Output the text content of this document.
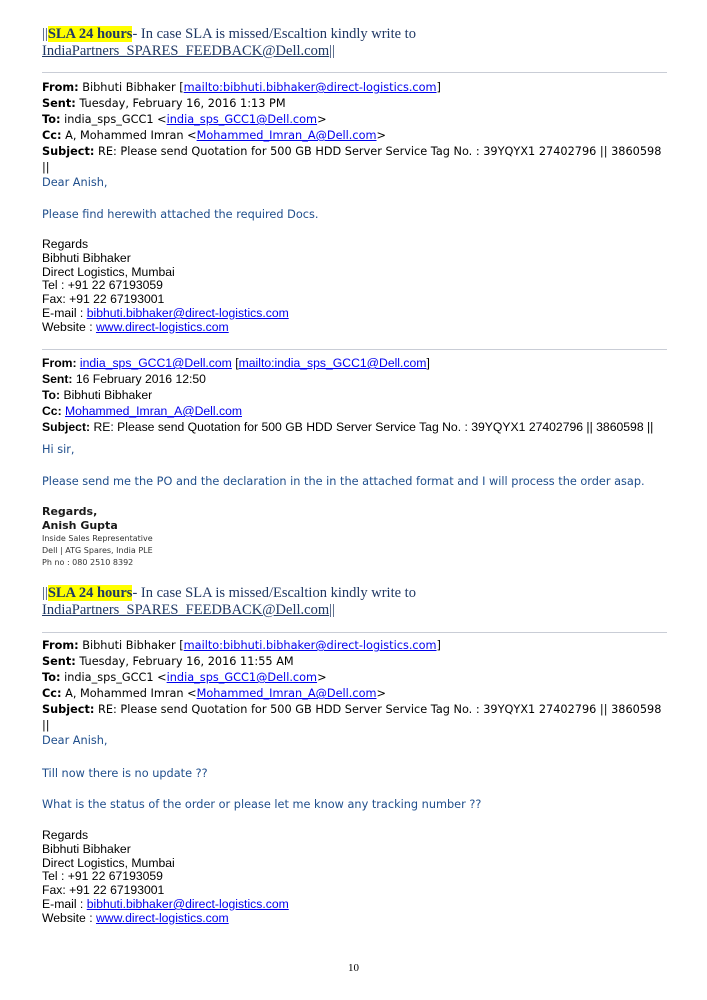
||SLA 24 hours- In case SLA is missed/Escaltion kindly write to
IndiaPartners_SPARES_FEEDBACK@Dell.com||
From: Bibhuti Bibhaker [mailto:bibhuti.bibhaker@direct-logistics.com]
Sent: Tuesday, February 16, 2016 1:13 PM
To: india_sps_GCC1 <india_sps_GCC1@Dell.com>
Cc: A, Mohammed Imran <Mohammed_Imran_A@Dell.com>
Subject: RE: Please send Quotation for 500 GB HDD Server Service Tag No. : 39YQYX1 27402796 || 3860598 ||
Dear Anish,
Please find herewith attached the required Docs.
Regards
Bibhuti Bibhaker
Direct Logistics, Mumbai
Tel : +91 22 67193059
Fax: +91 22 67193001
E-mail : bibhuti.bibhaker@direct-logistics.com
Website : www.direct-logistics.com
From: india_sps_GCC1@Dell.com [mailto:india_sps_GCC1@Dell.com]
Sent: 16 February 2016 12:50
To: Bibhuti Bibhaker
Cc: Mohammed_Imran_A@Dell.com
Subject: RE: Please send Quotation for 500 GB HDD Server Service Tag No. : 39YQYX1 27402796 || 3860598 ||
Hi sir,
Please send me the PO and the declaration in the in the attached format and I will process the order asap.
Regards,
Anish Gupta
Inside Sales Representative
Dell | ATG Spares, India PLE
Ph no : 080 2510 8392
||SLA 24 hours- In case SLA is missed/Escaltion kindly write to
IndiaPartners_SPARES_FEEDBACK@Dell.com||
From: Bibhuti Bibhaker [mailto:bibhuti.bibhaker@direct-logistics.com]
Sent: Tuesday, February 16, 2016 11:55 AM
To: india_sps_GCC1 <india_sps_GCC1@Dell.com>
Cc: A, Mohammed Imran <Mohammed_Imran_A@Dell.com>
Subject: RE: Please send Quotation for 500 GB HDD Server Service Tag No. : 39YQYX1 27402796 || 3860598 ||
Dear Anish,
Till now there is no update ??
What is the status of the order or please let me know any tracking number ??
Regards
Bibhuti Bibhaker
Direct Logistics, Mumbai
Tel : +91 22 67193059
Fax: +91 22 67193001
E-mail : bibhuti.bibhaker@direct-logistics.com
Website : www.direct-logistics.com
10
